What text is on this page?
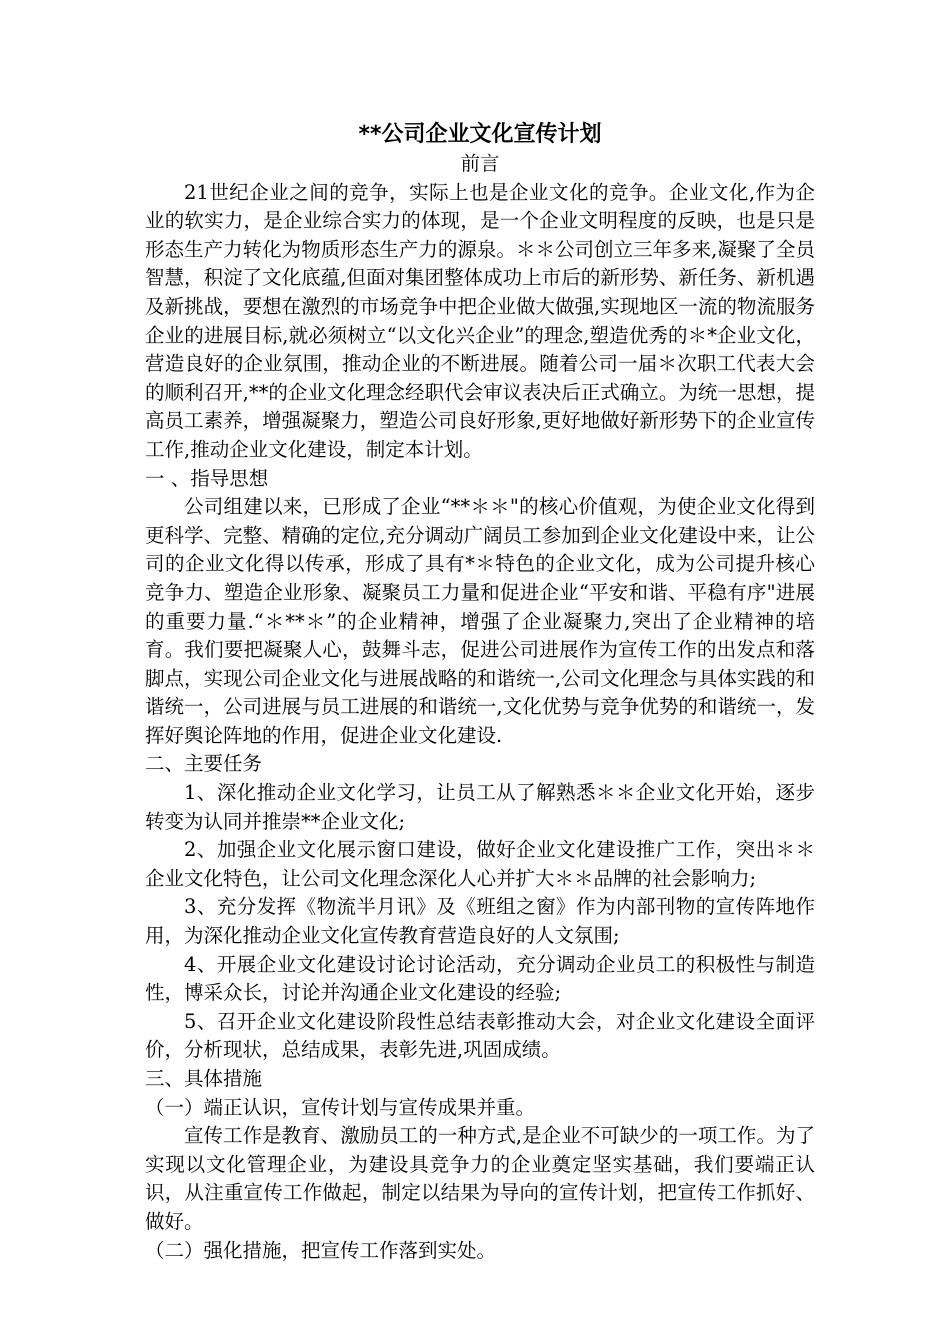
**公司企业文化宣传计划
前言

21世纪企业之间的竞争，实际上也是企业文化的竞争。企业文化,作为企业的软实力，是企业综合实力的体现，是一个企业文明程度的反映，也是只是形态生产力转化为物质形态生产力的源泉。＊＊公司创立三年多来,凝聚了全员智慧，积淀了文化底蕴,但面对集团整体成功上市后的新形势、新任务、新机遇及新挑战，要想在激烈的市场竞争中把企业做大做强,实现地区一流的物流服务企业的进展目标,就必须树立“以文化兴企业”的理念,塑造优秀的＊*企业文化，营造良好的企业氛围，推动企业的不断进展。随着公司一届＊次职工代表大会的顺利召开,**的企业文化理念经职代会审议表决后正式确立。为统一思想，提高员工素养，增强凝聚力，塑造公司良好形象,更好地做好新形势下的企业宣传工作,推动企业文化建设，制定本计划。

一 、指导思想

公司组建以来，已形成了企业“**＊＊"的核心价值观，为使企业文化得到更科学、完整、精确的定位,充分调动广阔员工参加到企业文化建设中来，让公司的企业文化得以传承，形成了具有*＊特色的企业文化，成为公司提升核心竞争力、塑造企业形象、凝聚员工力量和促进企业“平安和谐、平稳有序"进展的重要力量.“＊**＊”的企业精神，增强了企业凝聚力,突出了企业精神的培育。我们要把凝聚人心，鼓舞斗志，促进公司进展作为宣传工作的出发点和落脚点，实现公司企业文化与进展战略的和谐统一,公司文化理念与具体实践的和谐统一，公司进展与员工进展的和谐统一,文化优势与竞争优势的和谐统一，发挥好舆论阵地的作用，促进企业文化建设.

二、主要任务

1、深化推动企业文化学习，让员工从了解熟悉＊＊企业文化开始，逐步转变为认同并推崇**企业文化;

2、加强企业文化展示窗口建设，做好企业文化建设推广工作，突出＊＊企业文化特色，让公司文化理念深化人心并扩大＊＊品牌的社会影响力;

3、充分发挥《物流半月讯》及《班组之窗》作为内部刊物的宣传阵地作用，为深化推动企业文化宣传教育营造良好的人文氛围;

4、开展企业文化建设讨论讨论活动，充分调动企业员工的积极性与制造性，博采众长，讨论并沟通企业文化建设的经验;

5、召开企业文化建设阶段性总结表彰推动大会，对企业文化建设全面评价，分析现状，总结成果，表彰先进,巩固成绩。

三、具体措施
（一）端正认识，宣传计划与宣传成果并重。

宣传工作是教育、激励员工的一种方式,是企业不可缺少的一项工作。为了实现以文化管理企业，为建设具竞争力的企业奠定坚实基础，我们要端正认识，从注重宣传工作做起，制定以结果为导向的宣传计划，把宣传工作抓好、做好。

（二）强化措施，把宣传工作落到实处。
